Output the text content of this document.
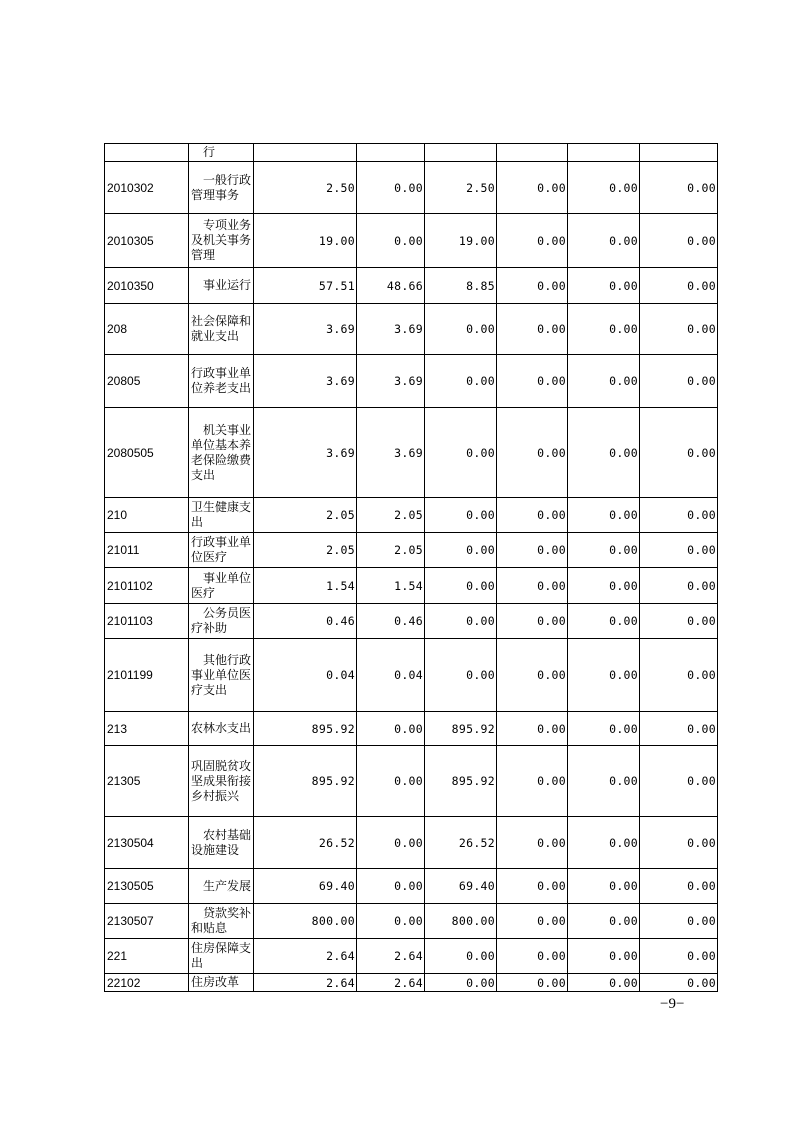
	行						
2010302	一般行政管理事务	2.50	0.00	2.50	0.00	0.00	0.00
2010305	专项业务及机关事务管理	19.00	0.00	19.00	0.00	0.00	0.00
2010350	事业运行	57.51	48.66	8.85	0.00	0.00	0.00
208	社会保障和就业支出	3.69	3.69	0.00	0.00	0.00	0.00
20805	行政事业单位养老支出	3.69	3.69	0.00	0.00	0.00	0.00
2080505	机关事业单位基本养老保险缴费支出	3.69	3.69	0.00	0.00	0.00	0.00
210	卫生健康支出	2.05	2.05	0.00	0.00	0.00	0.00
21011	行政事业单位医疗	2.05	2.05	0.00	0.00	0.00	0.00
2101102	事业单位医疗	1.54	1.54	0.00	0.00	0.00	0.00
2101103	公务员医疗补助	0.46	0.46	0.00	0.00	0.00	0.00
2101199	其他行政事业单位医疗支出	0.04	0.04	0.00	0.00	0.00	0.00
213	农林水支出	895.92	0.00	895.92	0.00	0.00	0.00
21305	巩固脱贫攻坚成果衔接乡村振兴	895.92	0.00	895.92	0.00	0.00	0.00
2130504	农村基础设施建设	26.52	0.00	26.52	0.00	0.00	0.00
2130505	生产发展	69.40	0.00	69.40	0.00	0.00	0.00
2130507	贷款奖补和贴息	800.00	0.00	800.00	0.00	0.00	0.00
221	住房保障支出	2.64	2.64	0.00	0.00	0.00	0.00
22102	住房改革	2.64	2.64	0.00	0.00	0.00	0.00
−9−
